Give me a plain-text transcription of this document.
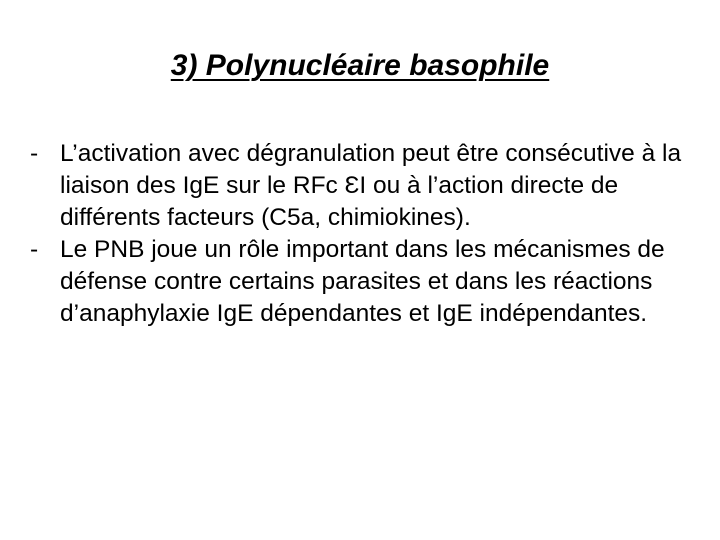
3) Polynucléaire basophile
- L’activation avec dégranulation peut être consécutive à la liaison des IgE sur le RFc ƐI ou à l’action directe de différents facteurs (C5a, chimiokines).
- Le PNB joue un rôle important dans les mécanismes de défense contre certains parasites et dans les réactions d’anaphylaxie IgE dépendantes et IgE indépendantes.
